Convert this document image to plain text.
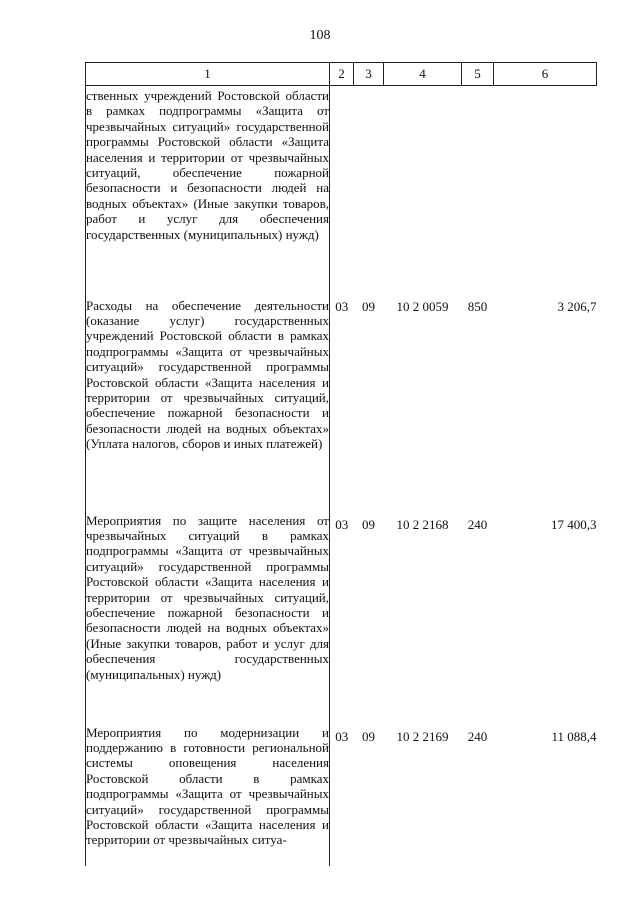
108
1	2	3	4	5	6
ственных учреждений Ростовской области в рамках подпрограммы «Защита от чрезвычайных ситуаций» государственной программы Ростовской области «Защита населения и территории от чрезвычайных ситуаций, обеспечение пожарной безопасности и безопасности людей на водных объектах» (Иные закупки товаров, работ и услуг для обеспечения государственных (муниципальных) нужд)					
Расходы на обеспечение деятельности (оказание услуг) государственных учреждений Ростовской области в рамках подпрограммы «Защита от чрезвычайных ситуаций» государственной программы Ростовской области «Защита населения и территории от чрезвычайных ситуаций, обеспечение пожарной безопасности и безопасности людей на водных объектах» (Уплата налогов, сборов и иных платежей)	03	09	10 2 0059	850	3 206,7
Мероприятия по защите населения от чрезвычайных ситуаций в рамках подпрограммы «Защита от чрезвычайных ситуаций» государственной программы Ростовской области «Защита населения и территории от чрезвычайных ситуаций, обеспечение пожарной безопасности и безопасности людей на водных объектах» (Иные закупки товаров, работ и услуг для обеспечения государственных (муниципальных) нужд)	03	09	10 2 2168	240	17 400,3
Мероприятия по модернизации и поддержанию в готовности региональной системы оповещения населения Ростовской области в рамках подпрограммы «Защита от чрезвычайных ситуаций» государственной программы Ростовской области «Защита населения и территории от чрезвычайных ситуа-	03	09	10 2 2169	240	11 088,4
